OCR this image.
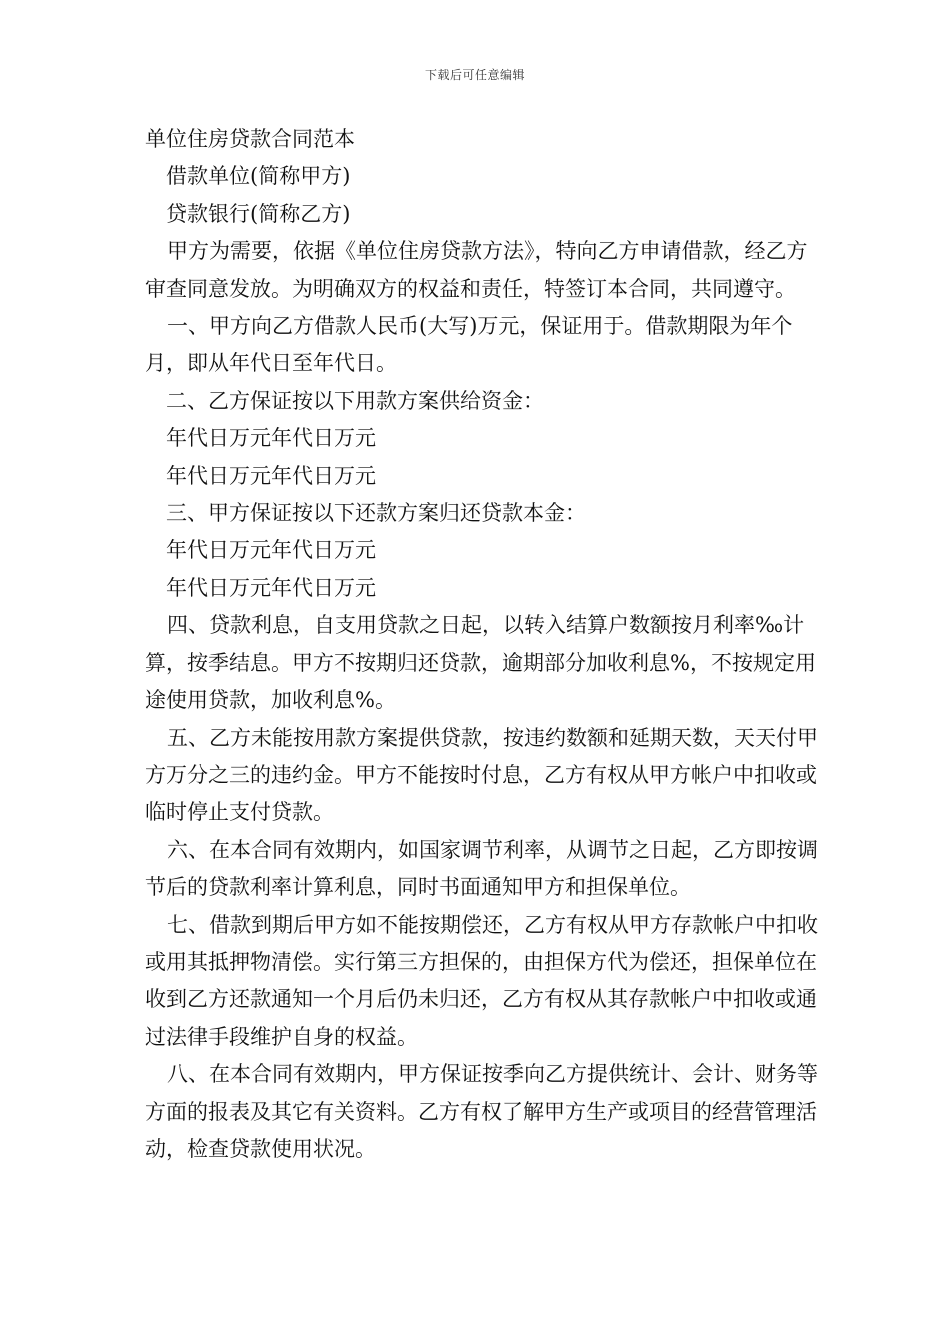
下载后可任意编辑

单位住房贷款合同范本

借款单位(简称甲方)

贷款银行(简称乙方)

甲方为需要，依据《单位住房贷款方法》，特向乙方申请借款，经乙方审查同意发放。为明确双方的权益和责任，特签订本合同，共同遵守。

一、甲方向乙方借款人民币(大写)万元，保证用于。借款期限为年个月，即从年代日至年代日。

二、乙方保证按以下用款方案供给资金：

年代日万元年代日万元

年代日万元年代日万元

三、甲方保证按以下还款方案归还贷款本金：

年代日万元年代日万元

年代日万元年代日万元

四、贷款利息，自支用贷款之日起，以转入结算户数额按月利率‰计算，按季结息。甲方不按期归还贷款，逾期部分加收利息%，不按规定用途使用贷款，加收利息%。

五、乙方未能按用款方案提供贷款，按违约数额和延期天数，天天付甲方万分之三的违约金。甲方不能按时付息，乙方有权从甲方帐户中扣收或临时停止支付贷款。

六、在本合同有效期内，如国家调节利率，从调节之日起，乙方即按调节后的贷款利率计算利息，同时书面通知甲方和担保单位。

七、借款到期后甲方如不能按期偿还，乙方有权从甲方存款帐户中扣收或用其抵押物清偿。实行第三方担保的，由担保方代为偿还，担保单位在收到乙方还款通知一个月后仍未归还，乙方有权从其存款帐户中扣收或通过法律手段维护自身的权益。

八、在本合同有效期内，甲方保证按季向乙方提供统计、会计、财务等方面的报表及其它有关资料。乙方有权了解甲方生产或项目的经营管理活动，检查贷款使用状况。
